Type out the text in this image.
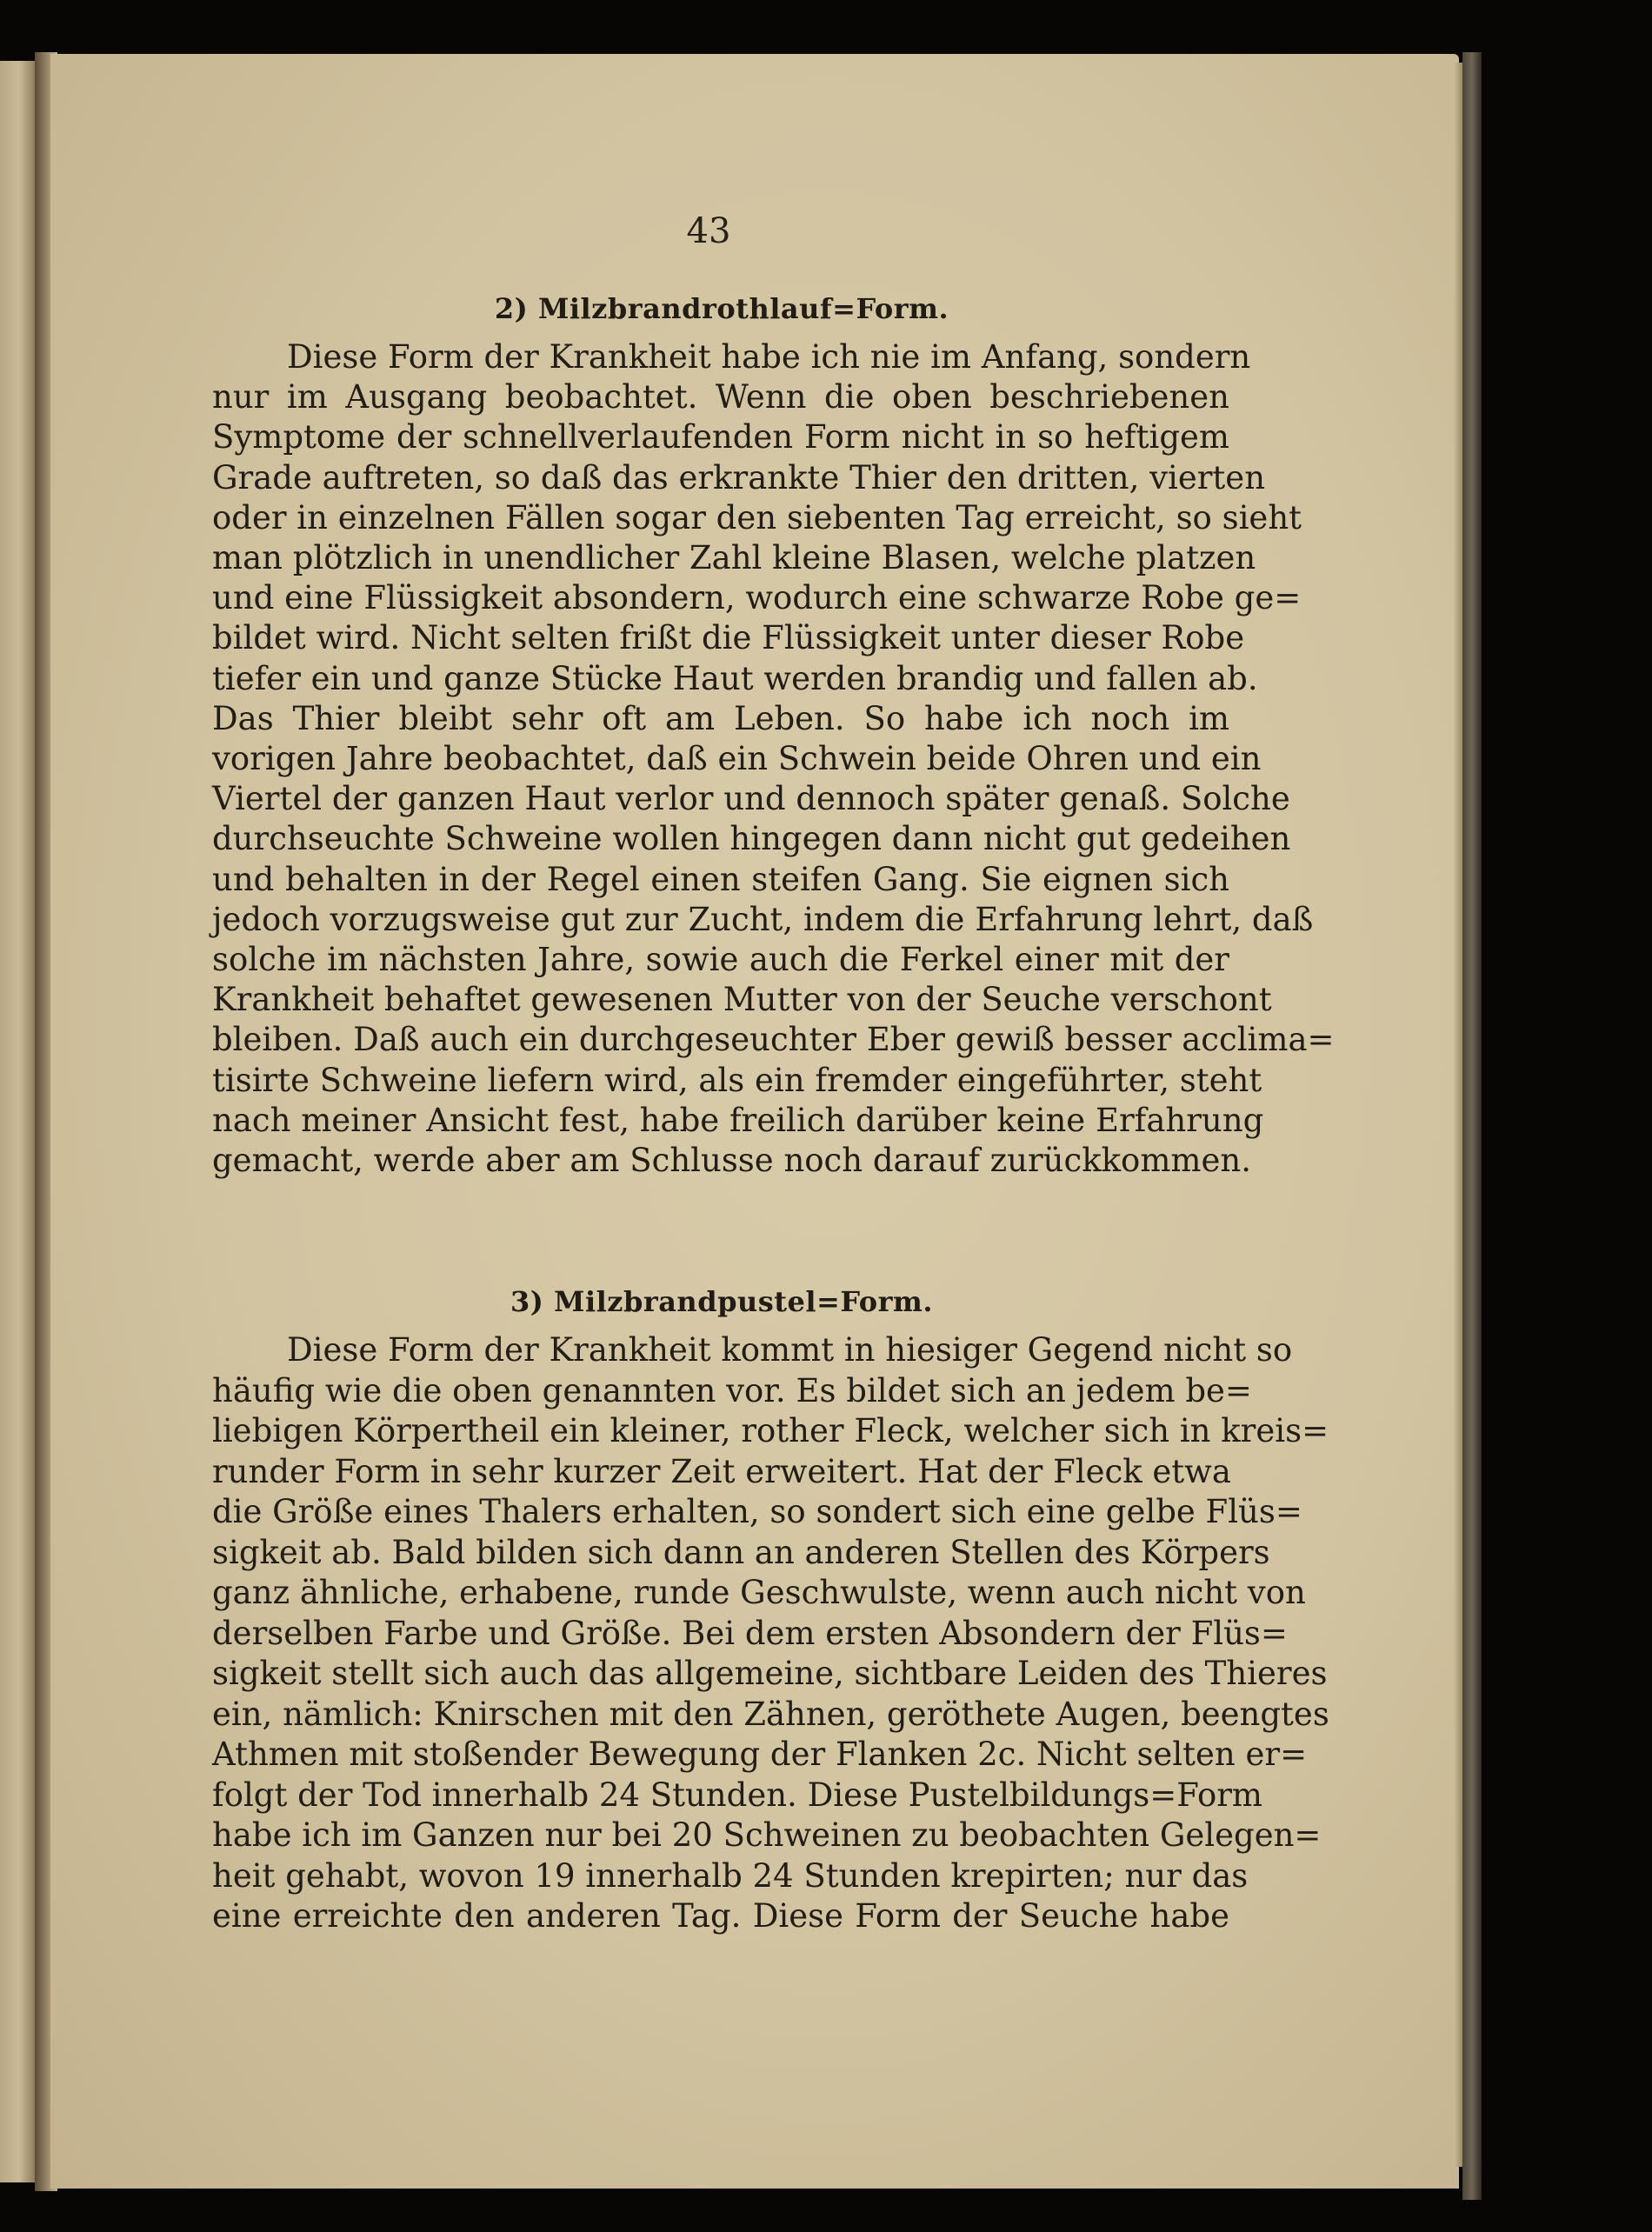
43
2) Milzbrandrothlauf=Form.
Diese Form der Krankheit habe ich nie im Anfang, sondern
nur im Ausgang beobachtet. Wenn die oben beschriebenen
Symptome der schnellverlaufenden Form nicht in so heftigem
Grade auftreten, so daß das erkrankte Thier den dritten, vierten
oder in einzelnen Fällen sogar den siebenten Tag erreicht, so sieht
man plötzlich in unendlicher Zahl kleine Blasen, welche platzen
und eine Flüssigkeit absondern, wodurch eine schwarze Robe ge=
bildet wird. Nicht selten frißt die Flüssigkeit unter dieser Robe
tiefer ein und ganze Stücke Haut werden brandig und fallen ab.
Das Thier bleibt sehr oft am Leben. So habe ich noch im
vorigen Jahre beobachtet, daß ein Schwein beide Ohren und ein
Viertel der ganzen Haut verlor und dennoch später genaß. Solche
durchseuchte Schweine wollen hingegen dann nicht gut gedeihen
und behalten in der Regel einen steifen Gang. Sie eignen sich
jedoch vorzugsweise gut zur Zucht, indem die Erfahrung lehrt, daß
solche im nächsten Jahre, sowie auch die Ferkel einer mit der
Krankheit behaftet gewesenen Mutter von der Seuche verschont
bleiben. Daß auch ein durchgeseuchter Eber gewiß besser acclima=
tisirte Schweine liefern wird, als ein fremder eingeführter, steht
nach meiner Ansicht fest, habe freilich darüber keine Erfahrung
gemacht, werde aber am Schlusse noch darauf zurückkommen.
3) Milzbrandpustel=Form.
Diese Form der Krankheit kommt in hiesiger Gegend nicht so
häufig wie die oben genannten vor. Es bildet sich an jedem be=
liebigen Körpertheil ein kleiner, rother Fleck, welcher sich in kreis=
runder Form in sehr kurzer Zeit erweitert. Hat der Fleck etwa
die Größe eines Thalers erhalten, so sondert sich eine gelbe Flüs=
sigkeit ab. Bald bilden sich dann an anderen Stellen des Körpers
ganz ähnliche, erhabene, runde Geschwulste, wenn auch nicht von
derselben Farbe und Größe. Bei dem ersten Absondern der Flüs=
sigkeit stellt sich auch das allgemeine, sichtbare Leiden des Thieres
ein, nämlich: Knirschen mit den Zähnen, geröthete Augen, beengtes
Athmen mit stoßender Bewegung der Flanken 2c. Nicht selten er=
folgt der Tod innerhalb 24 Stunden. Diese Pustelbildungs=Form
habe ich im Ganzen nur bei 20 Schweinen zu beobachten Gelegen=
heit gehabt, wovon 19 innerhalb 24 Stunden krepirten; nur das
eine erreichte den anderen Tag. Diese Form der Seuche habe
